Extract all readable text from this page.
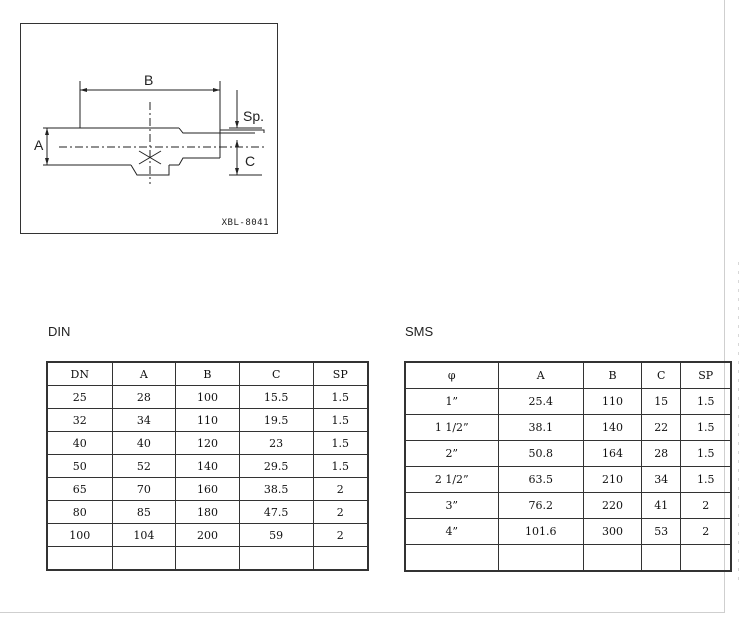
B
A
Sp.
C
XBL-8041
DIN
DN	A	B	C	SP
25	28	100	15.5	1.5
32	34	110	19.5	1.5
40	40	120	23	1.5
50	52	140	29.5	1.5
65	70	160	38.5	2
80	85	180	47.5	2
100	104	200	59	2

SMS
φ	A	B	C	SP
1”	25.4	110	15	1.5
1 1/2”	38.1	140	22	1.5
2”	50.8	164	28	1.5
2 1/2”	63.5	210	34	1.5
3”	76.2	220	41	2
4”	101.6	300	53	2
